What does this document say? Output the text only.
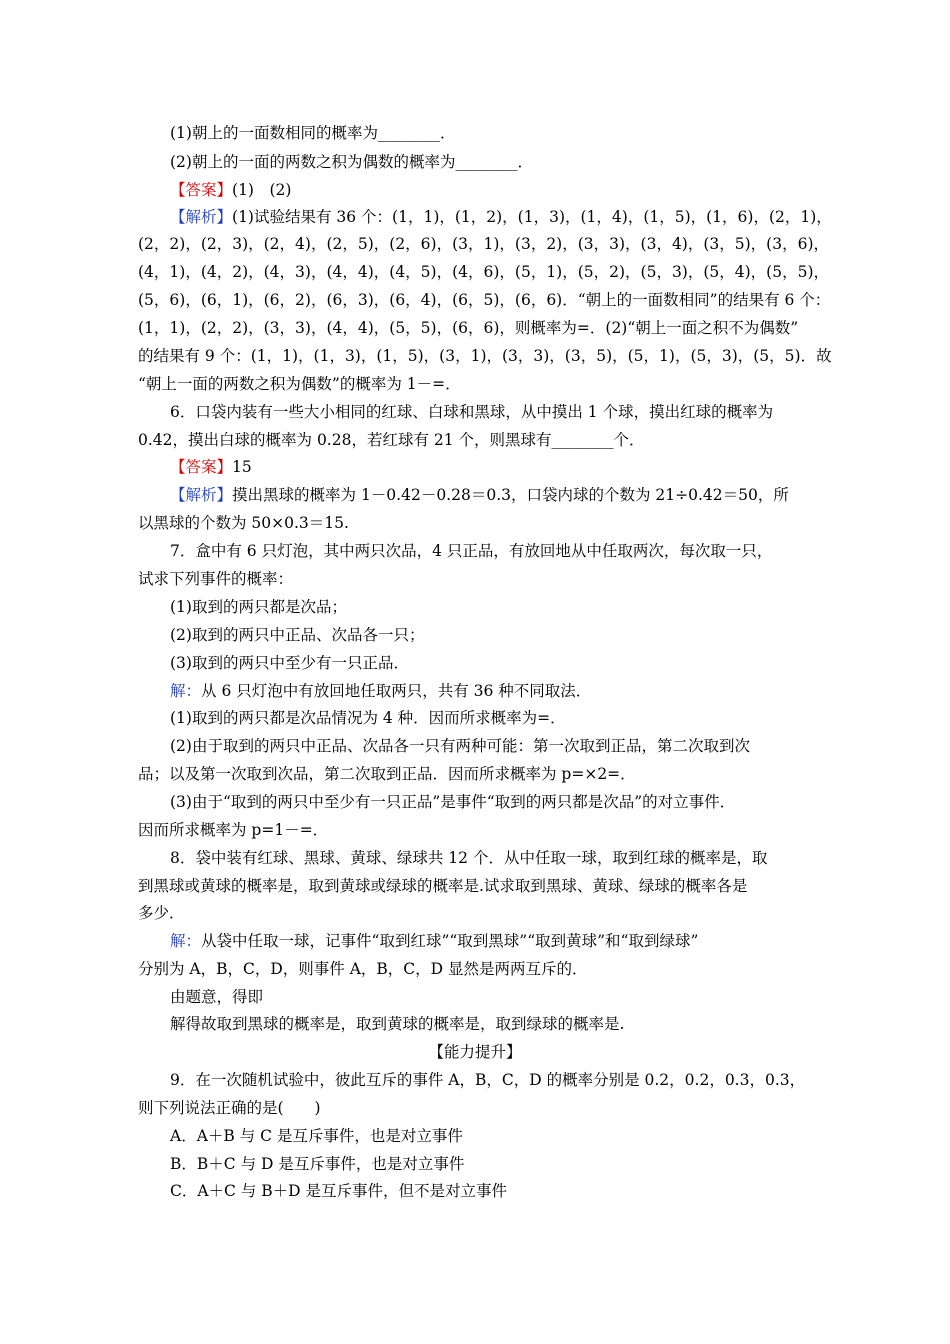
(1)朝上的一面数相同的概率为________．
(2)朝上的一面的两数之积为偶数的概率为________．
【答案】(1)　(2)
【解析】(1)试验结果有 36 个：(1，1)，(1，2)，(1，3)，(1，4)，(1，5)，(1，6)，(2，1)，
(2，2)，(2，3)，(2，4)，(2，5)，(2，6)，(3，1)，(3，2)，(3，3)，(3，4)，(3，5)，(3，6)，
(4，1)，(4，2)，(4，3)，(4，4)，(4，5)，(4，6)，(5，1)，(5，2)，(5，3)，(5，4)，(5，5)，
(5，6)，(6，1)，(6，2)，(6，3)，(6，4)，(6，5)，(6，6)．“朝上的一面数相同”的结果有 6 个：
(1，1)，(2，2)，(3，3)，(4，4)，(5，5)，(6，6)，则概率为=．(2)“朝上一面之积不为偶数”
的结果有 9 个：(1，1)，(1，3)，(1，5)，(3，1)，(3，3)，(3，5)，(5，1)，(5，3)，(5，5)．故
“朝上一面的两数之积为偶数”的概率为 1－=．
6．口袋内装有一些大小相同的红球、白球和黑球，从中摸出 1 个球，摸出红球的概率为
0.42，摸出白球的概率为 0.28，若红球有 21 个，则黑球有________个．
【答案】15
【解析】摸出黑球的概率为 1－0.42－0.28＝0.3，口袋内球的个数为 21÷0.42＝50，所
以黑球的个数为 50×0.3＝15.
7．盒中有 6 只灯泡，其中两只次品，4 只正品，有放回地从中任取两次，每次取一只，
试求下列事件的概率：
(1)取到的两只都是次品；
(2)取到的两只中正品、次品各一只；
(3)取到的两只中至少有一只正品．
解：从 6 只灯泡中有放回地任取两只，共有 36 种不同取法．
(1)取到的两只都是次品情况为 4 种．因而所求概率为=．
(2)由于取到的两只中正品、次品各一只有两种可能：第一次取到正品，第二次取到次
品；以及第一次取到次品，第二次取到正品．因而所求概率为 p=×2=．
(3)由于“取到的两只中至少有一只正品”是事件“取到的两只都是次品”的对立事件．
因而所求概率为 p=1－=．
8．袋中装有红球、黑球、黄球、绿球共 12 个．从中任取一球，取到红球的概率是，取
到黑球或黄球的概率是，取到黄球或绿球的概率是.试求取到黑球、黄球、绿球的概率各是
多少．
解：从袋中任取一球，记事件“取到红球”“取到黑球”“取到黄球”和“取到绿球”
分别为 A，B，C，D，则事件 A，B，C，D 显然是两两互斥的．
由题意，得即
解得故取到黑球的概率是，取到黄球的概率是，取到绿球的概率是.
【能力提升】
9．在一次随机试验中，彼此互斥的事件 A，B，C，D 的概率分别是 0.2，0.2，0.3，0.3，
则下列说法正确的是(　　)
A．A＋B 与 C 是互斥事件，也是对立事件
B．B＋C 与 D 是互斥事件，也是对立事件
C．A＋C 与 B＋D 是互斥事件，但不是对立事件
